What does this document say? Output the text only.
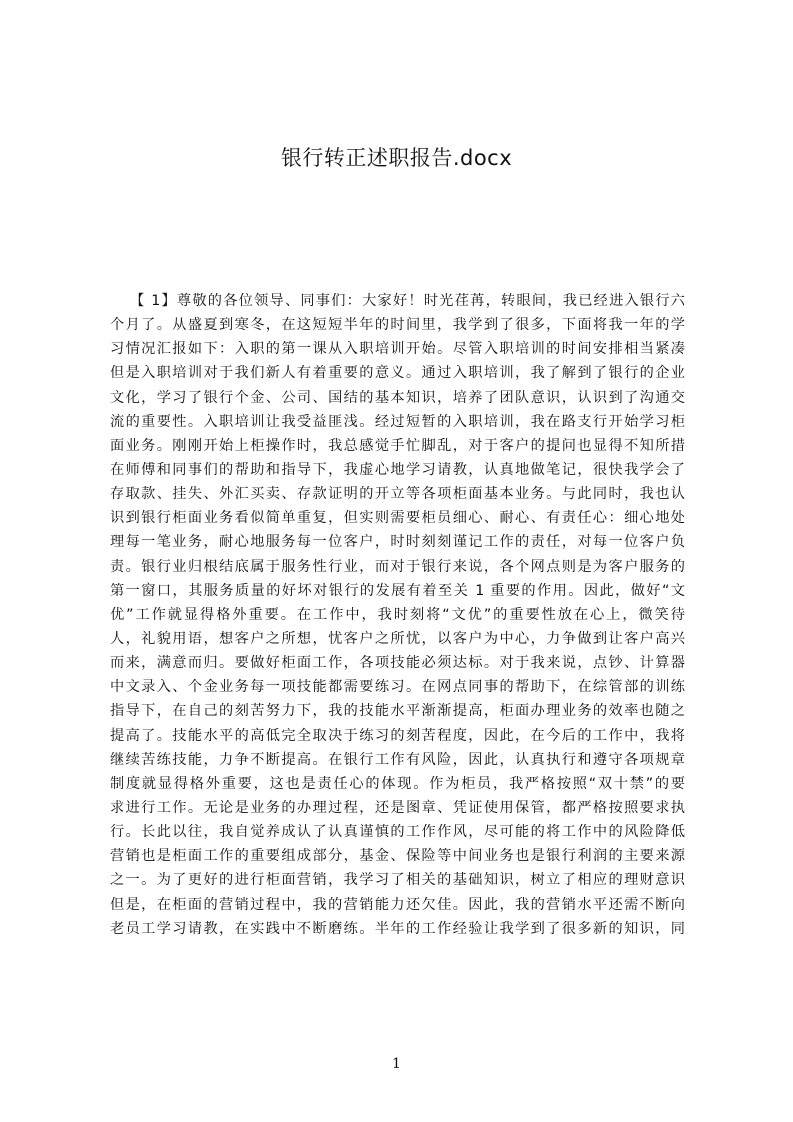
银行转正述职报告.docx
【 1】尊敬的各位领导、同事们：大家好！时光荏苒，转眼间，我已经进入银行六
个月了。从盛夏到寒冬，在这短短半年的时间里，我学到了很多，下面将我一年的学
习情况汇报如下：入职的第一课从入职培训开始。尽管入职培训的时间安排相当紧凑
但是入职培训对于我们新人有着重要的意义。通过入职培训，我了解到了银行的企业
文化，学习了银行个金、公司、国结的基本知识，培养了团队意识，认识到了沟通交
流的重要性。入职培训让我受益匪浅。经过短暂的入职培训，我在路支行开始学习柜
面业务。刚刚开始上柜操作时，我总感觉手忙脚乱，对于客户的提问也显得不知所措
在师傅和同事们的帮助和指导下，我虚心地学习请教，认真地做笔记，很快我学会了
存取款、挂失、外汇买卖、存款证明的开立等各项柜面基本业务。与此同时，我也认
识到银行柜面业务看似简单重复，但实则需要柜员细心、耐心、有责任心：细心地处
理每一笔业务，耐心地服务每一位客户，时时刻刻谨记工作的责任，对每一位客户负
责。银行业归根结底属于服务性行业，而对于银行来说，各个网点则是为客户服务的
第一窗口，其服务质量的好坏对银行的发展有着至关 1 重要的作用。因此，做好“文
优”工作就显得格外重要。在工作中，我时刻将“文优”的重要性放在心上，微笑待
人，礼貌用语，想客户之所想，忧客户之所忧，以客户为中心，力争做到让客户高兴
而来，满意而归。要做好柜面工作，各项技能必须达标。对于我来说，点钞、计算器
中文录入、个金业务每一项技能都需要练习。在网点同事的帮助下，在综管部的训练
指导下，在自己的刻苦努力下，我的技能水平渐渐提高，柜面办理业务的效率也随之
提高了。技能水平的高低完全取决于练习的刻苦程度，因此，在今后的工作中，我将
继续苦练技能，力争不断提高。在银行工作有风险，因此，认真执行和遵守各项规章
制度就显得格外重要，这也是责任心的体现。作为柜员，我严格按照“双十禁”的要
求进行工作。无论是业务的办理过程，还是图章、凭证使用保管，都严格按照要求执
行。长此以往，我自觉养成认了认真谨慎的工作作风，尽可能的将工作中的风险降低
营销也是柜面工作的重要组成部分，基金、保险等中间业务也是银行利润的主要来源
之一。为了更好的进行柜面营销，我学习了相关的基础知识，树立了相应的理财意识
但是，在柜面的营销过程中，我的营销能力还欠佳。因此，我的营销水平还需不断向
老员工学习请教，在实践中不断磨练。半年的工作经验让我学到了很多新的知识，同
1
